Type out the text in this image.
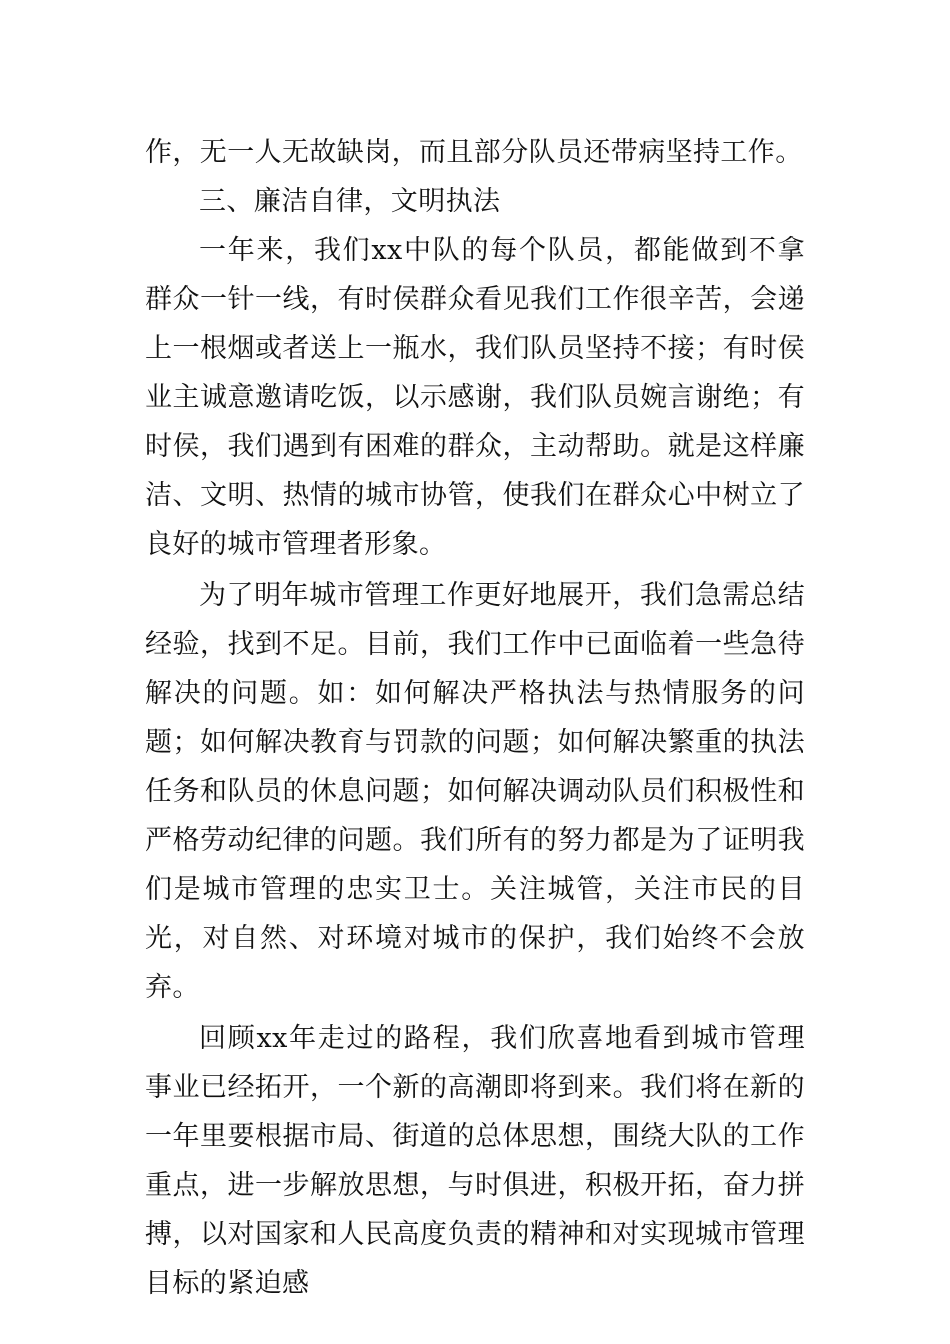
作，无一人无故缺岗，而且部分队员还带病坚持工作。

三、廉洁自律，文明执法

一年来，我们xx中队的每个队员，都能做到不拿群众一针一线，有时侯群众看见我们工作很辛苦，会递上一根烟或者送上一瓶水，我们队员坚持不接；有时侯业主诚意邀请吃饭，以示感谢，我们队员婉言谢绝；有时侯，我们遇到有困难的群众，主动帮助。就是这样廉洁、文明、热情的城市协管，使我们在群众心中树立了良好的城市管理者形象。

为了明年城市管理工作更好地展开，我们急需总结经验，找到不足。目前，我们工作中已面临着一些急待解决的问题。如：如何解决严格执法与热情服务的问题；如何解决教育与罚款的问题；如何解决繁重的执法任务和队员的休息问题；如何解决调动队员们积极性和严格劳动纪律的问题。我们所有的努力都是为了证明我们是城市管理的忠实卫士。关注城管，关注市民的目光，对自然、对环境对城市的保护，我们始终不会放弃。

回顾xx年走过的路程，我们欣喜地看到城市管理事业已经拓开，一个新的高潮即将到来。我们将在新的一年里要根据市局、街道的总体思想，围绕大队的工作重点，进一步解放思想，与时俱进，积极开拓，奋力拼搏，以对国家和人民高度负责的精神和对实现城市管理目标的紧迫感
